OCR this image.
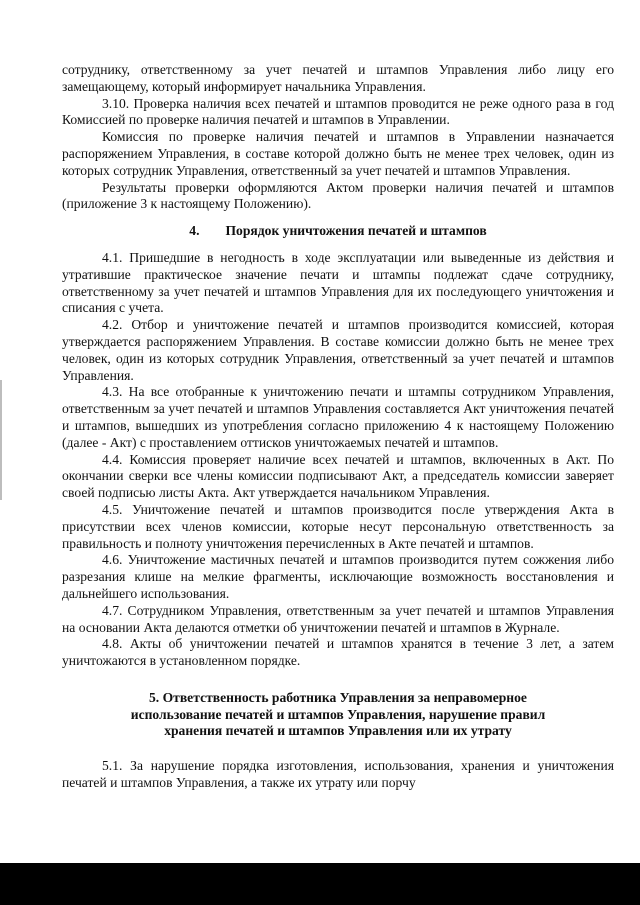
сотруднику, ответственному за учет печатей и штампов Управления либо лицу его замещающему, который информирует начальника Управления.

3.10. Проверка наличия всех печатей и штампов проводится не реже одного раза в год Комиссией по проверке наличия печатей и штампов в Управлении.

Комиссия по проверке наличия печатей и штампов в Управлении назначается распоряжением Управления, в составе которой должно быть не менее трех человек, один из которых сотрудник Управления, ответственный за учет печатей и штампов Управления.

Результаты проверки оформляются Актом проверки наличия печатей и штампов (приложение 3 к настоящему Положению).

4. Порядок уничтожения печатей и штампов

4.1. Пришедшие в негодность в ходе эксплуатации или выведенные из действия и утратившие практическое значение печати и штампы подлежат сдаче сотруднику, ответственному за учет печатей и штампов Управления для их последующего уничтожения и списания с учета.

4.2. Отбор и уничтожение печатей и штампов производится комиссией, которая утверждается распоряжением Управления. В составе комиссии должно быть не менее трех человек, один из которых сотрудник Управления, ответственный за учет печатей и штампов Управления.

4.3. На все отобранные к уничтожению печати и штампы сотрудником Управления, ответственным за учет печатей и штампов Управления составляется Акт уничтожения печатей и штампов, вышедших из употребления согласно приложению 4 к настоящему Положению (далее - Акт) с проставлением оттисков уничтожаемых печатей и штампов.

4.4. Комиссия проверяет наличие всех печатей и штампов, включенных в Акт. По окончании сверки все члены комиссии подписывают Акт, а председатель комиссии заверяет своей подписью листы Акта. Акт утверждается начальником Управления.

4.5. Уничтожение печатей и штампов производится после утверждения Акта в присутствии всех членов комиссии, которые несут персональную ответственность за правильность и полноту уничтожения перечисленных в Акте печатей и штампов.

4.6. Уничтожение мастичных печатей и штампов производится путем сожжения либо разрезания клише на мелкие фрагменты, исключающие возможность восстановления и дальнейшего использования.

4.7. Сотрудником Управления, ответственным за учет печатей и штампов Управления на основании Акта делаются отметки об уничтожении печатей и штампов в Журнале.

4.8. Акты об уничтожении печатей и штампов хранятся в течение 3 лет, а затем уничтожаются в установленном порядке.

5. Ответственность работника Управления за неправомерное
использование печатей и штампов Управления, нарушение правил
хранения печатей и штампов Управления или их утрату

5.1. За нарушение порядка изготовления, использования, хранения и уничтожения печатей и штампов Управления, а также их утрату или порчу
